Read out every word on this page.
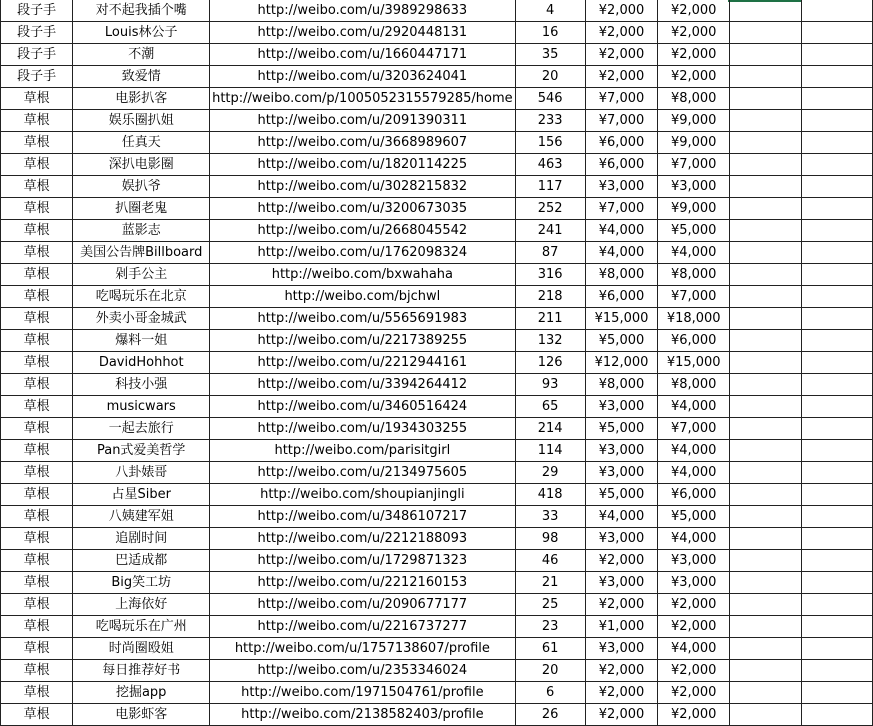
段子手	对不起我插个嘴	http://weibo.com/u/3989298633	4	¥2,000	¥2,000		
段子手	Louis林公子	http://weibo.com/u/2920448131	16	¥2,000	¥2,000		
段子手	不潮	http://weibo.com/u/1660447171	35	¥2,000	¥2,000		
段子手	致爱情	http://weibo.com/u/3203624041	20	¥2,000	¥2,000		
草根	电影扒客	http://weibo.com/p/1005052315579285/home	546	¥7,000	¥8,000		
草根	娱乐圈扒姐	http://weibo.com/u/2091390311	233	¥7,000	¥9,000		
草根	任真天	http://weibo.com/u/3668989607	156	¥6,000	¥9,000		
草根	深扒电影圈	http://weibo.com/u/1820114225	463	¥6,000	¥7,000		
草根	娱扒爷	http://weibo.com/u/3028215832	117	¥3,000	¥3,000		
草根	扒圈老鬼	http://weibo.com/u/3200673035	252	¥7,000	¥9,000		
草根	蓝影志	http://weibo.com/u/2668045542	241	¥4,000	¥5,000		
草根	美国公告牌Billboard	http://weibo.com/u/1762098324	87	¥4,000	¥4,000		
草根	剁手公主	http://weibo.com/bxwahaha	316	¥8,000	¥8,000		
草根	吃喝玩乐在北京	http://weibo.com/bjchwl	218	¥6,000	¥7,000		
草根	外卖小哥金城武	http://weibo.com/u/5565691983	211	¥15,000	¥18,000		
草根	爆料一姐	http://weibo.com/u/2217389255	132	¥5,000	¥6,000		
草根	DavidHohhot	http://weibo.com/u/2212944161	126	¥12,000	¥15,000		
草根	科技小强	http://weibo.com/u/3394264412	93	¥8,000	¥8,000		
草根	musicwars	http://weibo.com/u/3460516424	65	¥3,000	¥4,000		
草根	一起去旅行	http://weibo.com/u/1934303255	214	¥5,000	¥7,000		
草根	Pan式爱美哲学	http://weibo.com/parisitgirl	114	¥3,000	¥4,000		
草根	八卦婊哥	http://weibo.com/u/2134975605	29	¥3,000	¥4,000		
草根	占星Siber	http://weibo.com/shoupianjingli	418	¥5,000	¥6,000		
草根	八姨建军姐	http://weibo.com/u/3486107217	33	¥4,000	¥5,000		
草根	追剧时间	http://weibo.com/u/2212188093	98	¥3,000	¥4,000		
草根	巴适成都	http://weibo.com/u/1729871323	46	¥2,000	¥3,000		
草根	Big笑工坊	http://weibo.com/u/2212160153	21	¥3,000	¥3,000		
草根	上海依好	http://weibo.com/u/2090677177	25	¥2,000	¥2,000		
草根	吃喝玩乐在广州	http://weibo.com/u/2216737277	23	¥1,000	¥2,000		
草根	时尚圈殴姐	http://weibo.com/u/1757138607/profile	61	¥3,000	¥4,000		
草根	每日推荐好书	http://weibo.com/u/2353346024	20	¥2,000	¥2,000		
草根	挖掘app	http://weibo.com/1971504761/profile	6	¥2,000	¥2,000		
草根	电影虾客	http://weibo.com/2138582403/profile	26	¥2,000	¥2,000		
